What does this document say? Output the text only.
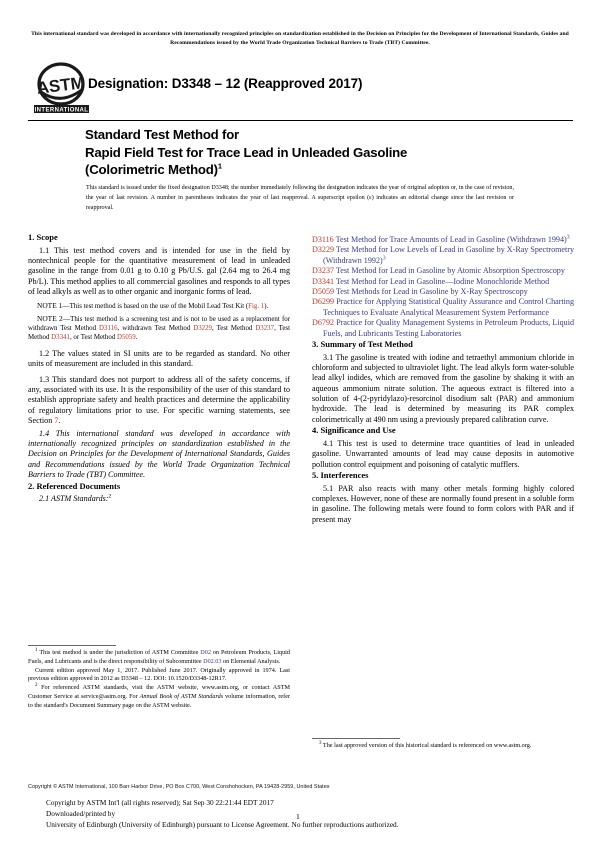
This international standard was developed in accordance with internationally recognized principles on standardization established in the Decision on Principles for the Development of International Standards, Guides and Recommendations issued by the World Trade Organization Technical Barriers to Trade (TBT) Committee.
ASTM
INTERNATIONAL
Designation: D3348 – 12 (Reapproved 2017)
Standard Test Method for
Rapid Field Test for Trace Lead in Unleaded Gasoline
(Colorimetric Method)$^1$
This standard is issued under the fixed designation D3348; the number immediately following the designation indicates the year of original adoption or, in the case of revision, the year of last revision. A number in parentheses indicates the year of last reapproval. A superscript epsilon (ε) indicates an editorial change since the last revision or reapproval.
1. Scope

1.1 This test method covers and is intended for use in the field by nontechnical people for the quantitative measurement of lead in unleaded gasoline in the range from 0.01 g to 0.10 g Pb/U.S. gal (2.64 mg to 26.4 mg Pb/L). This method applies to all commercial gasolines and responds to all types of lead alkyls as well as to other organic and inorganic forms of lead.

NOTE 1—This test method is based on the use of the Mobil Lead Test Kit (Fig. 1).

NOTE 2—This test method is a screening test and is not to be used as a replacement for withdrawn Test Method D3116, withdrawn Test Method D3229, Test Method D3237, Test Method D3341, or Test Method D5059.

1.2 The values stated in SI units are to be regarded as standard. No other units of measurement are included in this standard.

1.3 This standard does not purport to address all of the safety concerns, if any, associated with its use. It is the responsibility of the user of this standard to establish appropriate safety and health practices and determine the applicability of regulatory limitations prior to use. For specific warning statements, see Section 7.

1.4 This international standard was developed in accordance with internationally recognized principles on standardization established in the Decision on Principles for the Development of International Standards, Guides and Recommendations issued by the World Trade Organization Technical Barriers to Trade (TBT) Committee.

2. Referenced Documents

2.1 ASTM Standards:$^2$

D3116 Test Method for Trace Amounts of Lead in Gasoline (Withdrawn 1994)$^3$
D3229 Test Method for Low Levels of Lead in Gasoline by X-Ray Spectrometry (Withdrawn 1992)$^3$
D3237 Test Method for Lead in Gasoline by Atomic Absorption Spectroscopy
D3341 Test Method for Lead in Gasoline—Iodine Monochloride Method
D5059 Test Methods for Lead in Gasoline by X-Ray Spectroscopy
D6299 Practice for Applying Statistical Quality Assurance and Control Charting Techniques to Evaluate Analytical Measurement System Performance
D6792 Practice for Quality Management Systems in Petroleum Products, Liquid Fuels, and Lubricants Testing Laboratories
3. Summary of Test Method

3.1 The gasoline is treated with iodine and tetraethyl ammonium chloride in chloroform and subjected to ultraviolet light. The lead alkyls form water-soluble lead alkyl iodides, which are removed from the gasoline by shaking it with an aqueous ammonium nitrate solution. The aqueous extract is filtered into a solution of 4-(2-pyridylazo)-resorcinol disodium salt (PAR) and ammonium hydroxide. The lead is determined by measuring its PAR complex colorimetrically at 490 nm using a previously prepared calibration curve.

4. Significance and Use

4.1 This test is used to determine trace quantities of lead in unleaded gasoline. Unwarranted amounts of lead may cause deposits in automotive pollution control equipment and poisoning of catalytic mufflers.

5. Interferences

5.1 PAR also reacts with many other metals forming highly colored complexes. However, none of these are normally found present in a soluble form in gasoline. The following metals were found to form colors with PAR and if present may

$^1$ This test method is under the jurisdiction of ASTM Committee D02 on Petroleum Products, Liquid Fuels, and Lubricants and is the direct responsibility of Subcommittee D02.03 on Elemental Analysis.

Current edition approved May 1, 2017. Published June 2017. Originally approved in 1974. Last previous edition approved in 2012 as D3348 – 12. DOI: 10.1520/D3348-12R17.

$^2$ For referenced ASTM standards, visit the ASTM website, www.astm.org, or contact ASTM Customer Service at service@astm.org. For Annual Book of ASTM Standards volume information, refer to the standard's Document Summary page on the ASTM website.

$^3$ The last approved version of this historical standard is referenced on www.astm.org.

Copyright © ASTM International, 100 Barr Harbor Drive, PO Box C700, West Conshohocken, PA 19428-2959, United States
Copyright by ASTM Int'l (all rights reserved); Sat Sep 30 22:21:44 EDT 2017
Downloaded/printed by
University of Edinburgh (University of Edinburgh) pursuant to License Agreement. No further reproductions authorized.
1
